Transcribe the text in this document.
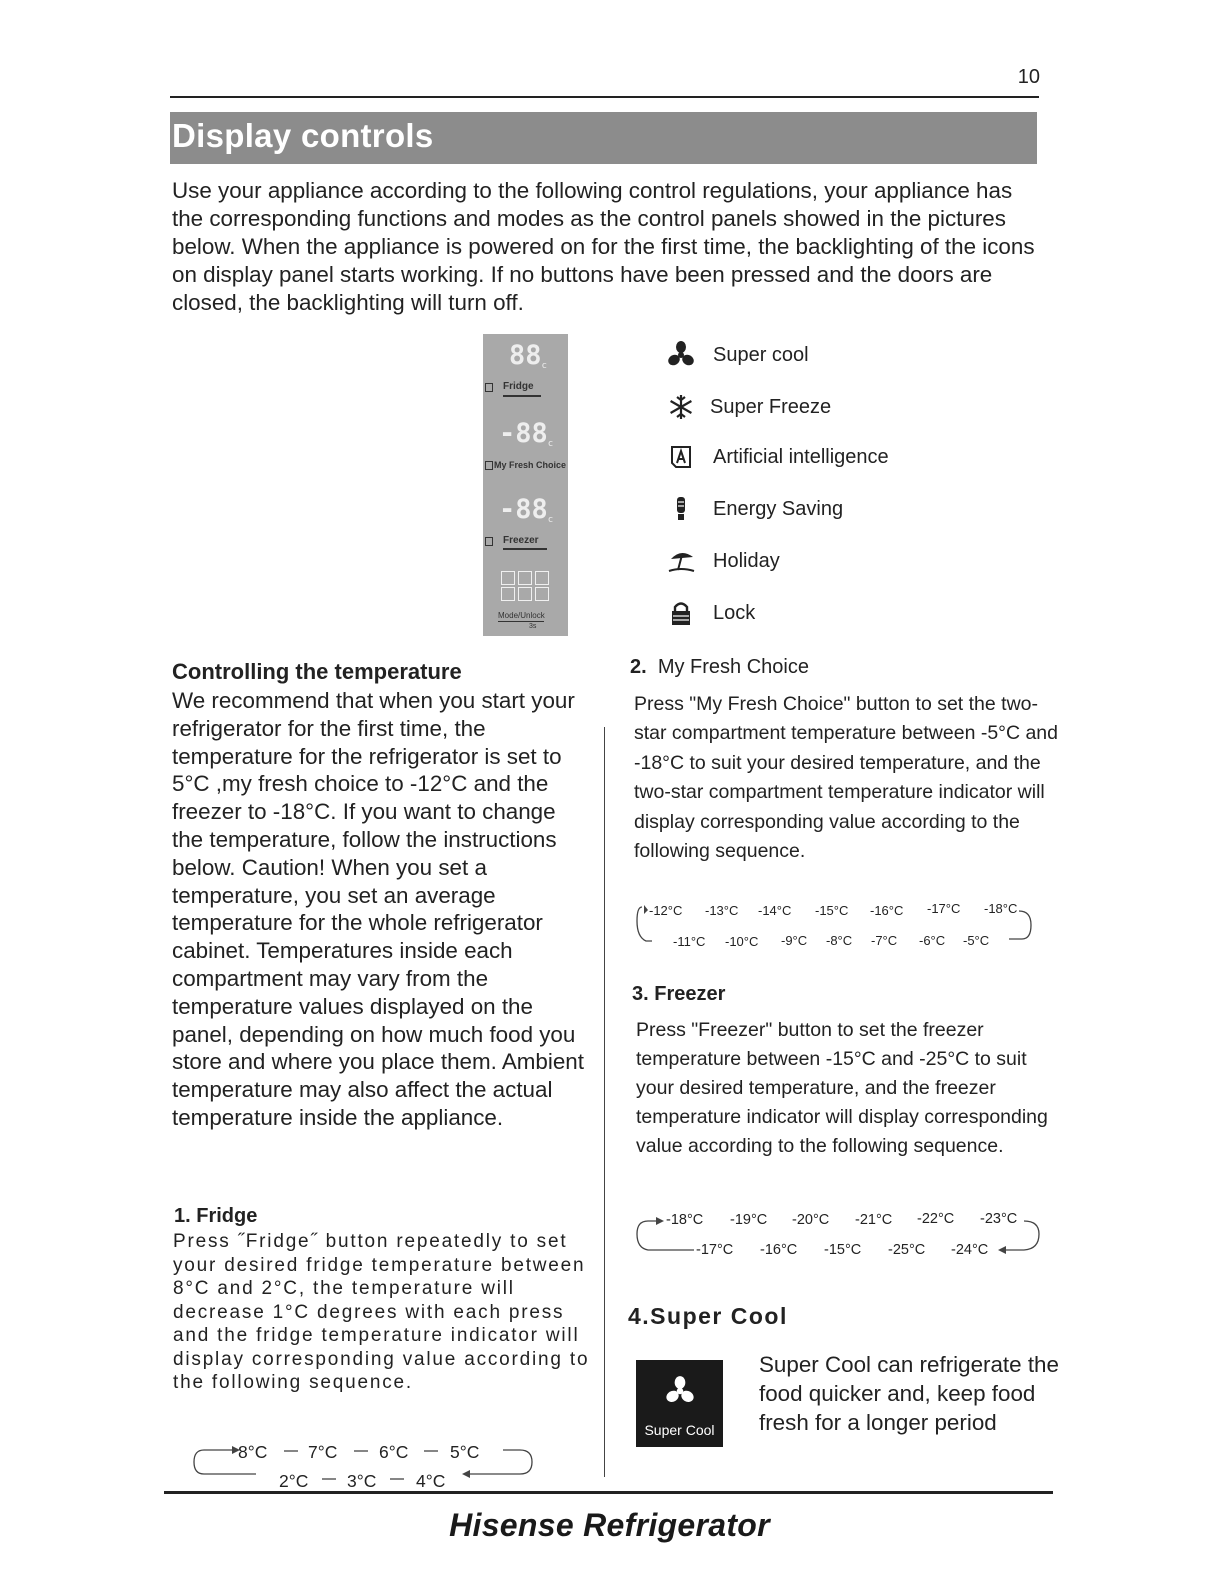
10
Display controls

Use your appliance according to the following control regulations, your appliance has the corresponding functions and modes as the control panels showed in the pictures below. When the appliance is powered on for the first time, the backlighting of the icons on display panel starts working. If no buttons have been pressed and the doors are closed, the backlighting will turn off.

88c
Fridge
-88c
My Fresh Choice
-88c
Freezer
Mode/Unlock
3s
Super cool
Super Freeze
Artificial intelligence
Energy Saving
Holiday
Lock
Controlling the temperature

We recommend that when you start your refrigerator for the first time, the temperature for the refrigerator is set to 5°C ,my fresh choice to -12°C and the freezer to -18°C. If you want to change the temperature, follow the instructions below. Caution! When you set a temperature, you set an average temperature for the whole refrigerator cabinet. Temperatures inside each compartment may vary from the temperature values displayed on the panel, depending on how much food you store and where you place them. Ambient temperature may also affect the actual temperature inside the appliance.

1. Fridge

Press ˝Fridge˝ button repeatedly to set your desired fridge temperature between 8°C and 2°C, the temperature will decrease 1°C degrees with each press and the fridge temperature indicator will display corresponding value according to the following sequence.

8°C 7°C 6°C 5°C
2°C 3°C 4°C
2. My Fresh Choice

Press "My Fresh Choice" button to set the two-star compartment temperature between -5°C and -18°C to suit your desired temperature, and the two-star compartment temperature indicator will display corresponding value according to the following sequence.

-12°C -13°C -14°C -15°C -16°C -17°C -18°C
-11°C -10°C -9°C -8°C -7°C -6°C -5°C
3. Freezer

Press "Freezer" button to set the freezer temperature between -15°C and -25°C to suit your desired temperature, and the freezer temperature indicator will display corresponding value according to the following sequence.

-18°C -19°C -20°C -21°C -22°C -23°C
-17°C -16°C -15°C -25°C -24°C
4.Super Cool
Super Cool

Super Cool can refrigerate the food quicker and, keep food fresh for a longer period

Hisense Refrigerator
